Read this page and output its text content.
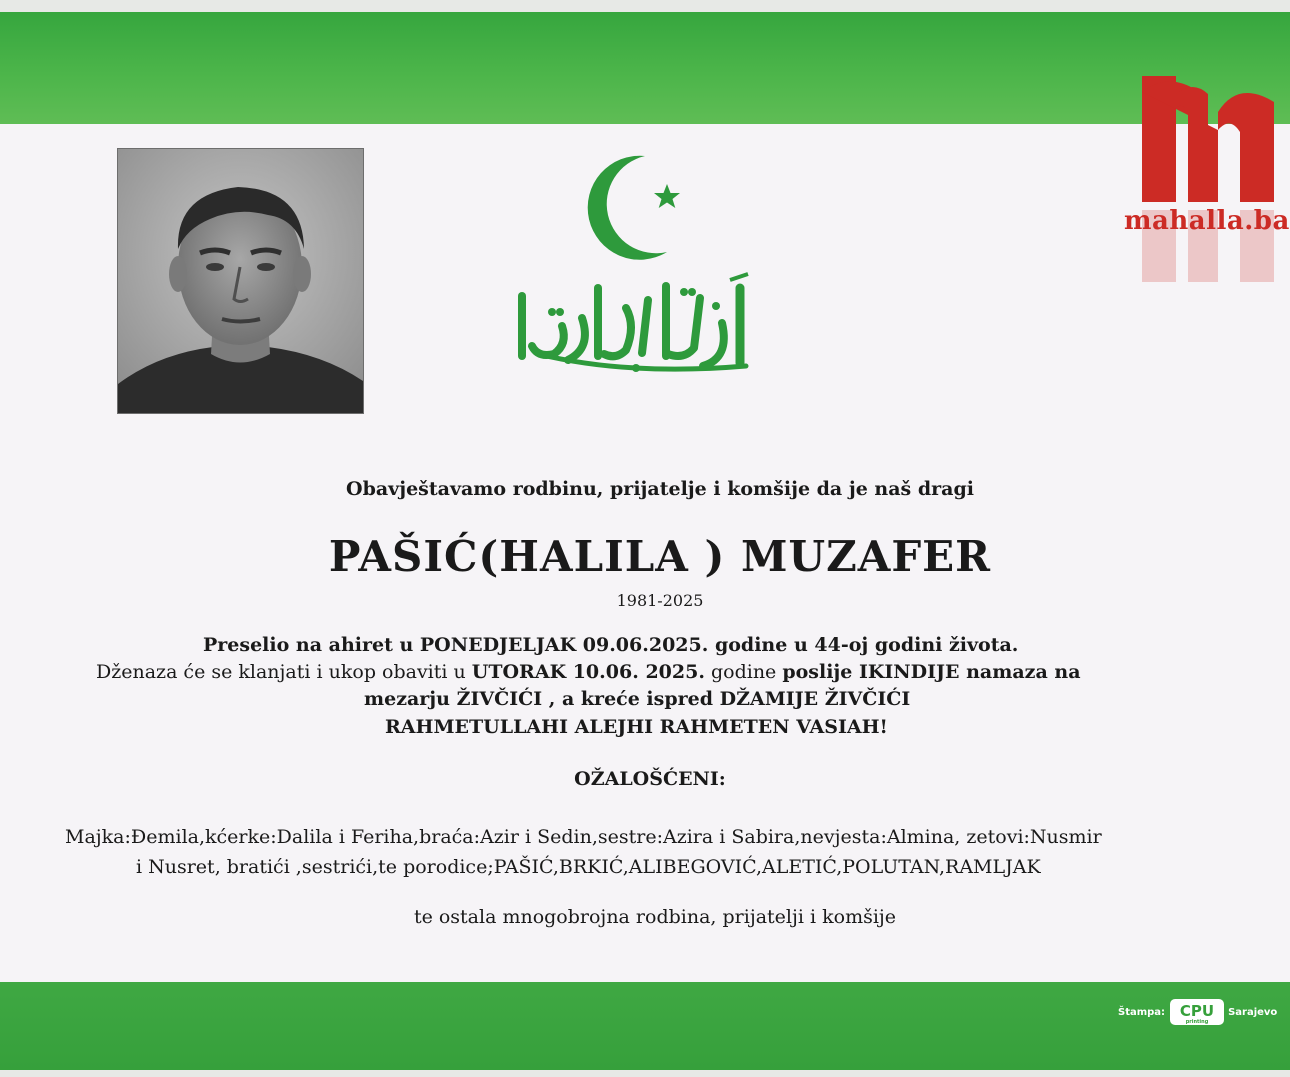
mahalla.ba
Obavještavamo rodbinu, prijatelje i komšije da je naš dragi
PAŠIĆ(HALILA ) MUZAFER
1981-2025
Preselio na ahiret u PONEDJELJAK 09.06.2025. godine u 44-oj godini života.
Dženaza će se klanjati i ukop obaviti u UTORAK 10.06. 2025. godine poslije IKINDIJE namaza na
mezarju ŽIVČIĆI , a kreće ispred DŽAMIJE ŽIVČIĆI
RAHMETULLAHI ALEJHI RAHMETEN VASIAH!
OŽALOŠĆENI:
Majka:Đemila,kćerke:Dalila i Feriha,braća:Azir i Sedin,sestre:Azira i Sabira,nevjesta:Almina, zetovi:Nusmir
i Nusret, bratići ,sestrići,te porodice;PAŠIĆ,BRKIĆ,ALIBEGOVIĆ,ALETIĆ,POLUTAN,RAMLJAK
te ostala mnogobrojna rodbina, prijatelji i komšije
Štampa: CPU
printing
Sarajevo
